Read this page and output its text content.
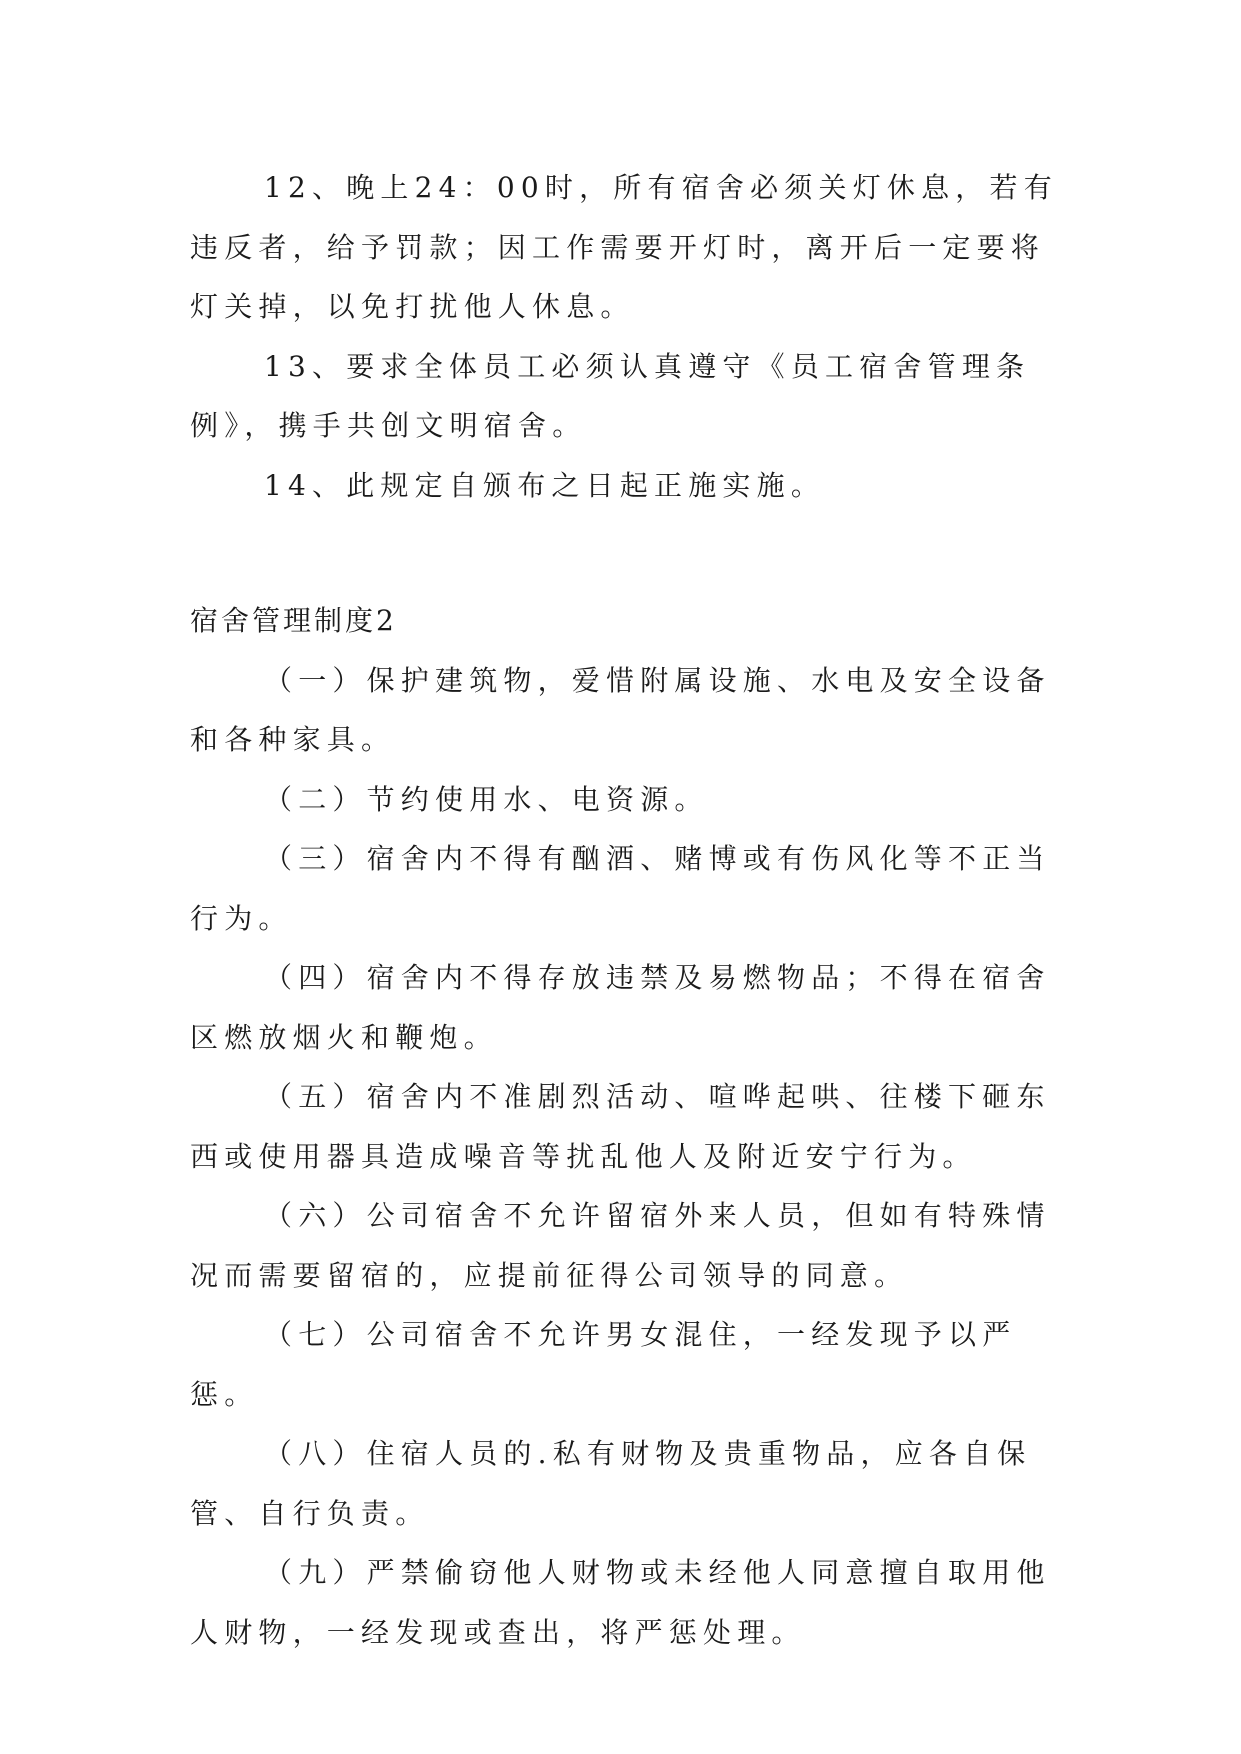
12、晚上24：00时，所有宿舍必须关灯休息，若有违反者，给予罚款；因工作需要开灯时，离开后一定要将灯关掉，以免打扰他人休息。

13、要求全体员工必须认真遵守《员工宿舍管理条例》，携手共创文明宿舍。

14、此规定自颁布之日起正施实施。

宿舍管理制度2

（一）保护建筑物，爱惜附属设施、水电及安全设备和各种家具。

（二）节约使用水、电资源。

（三）宿舍内不得有酗酒、赌博或有伤风化等不正当行为。

（四）宿舍内不得存放违禁及易燃物品；不得在宿舍区燃放烟火和鞭炮。

（五）宿舍内不准剧烈活动、喧哗起哄、往楼下砸东西或使用器具造成噪音等扰乱他人及附近安宁行为。

（六）公司宿舍不允许留宿外来人员，但如有特殊情况而需要留宿的，应提前征得公司领导的同意。

（七）公司宿舍不允许男女混住，一经发现予以严惩。

（八）住宿人员的.私有财物及贵重物品，应各自保管、自行负责。

（九）严禁偷窃他人财物或未经他人同意擅自取用他人财物，一经发现或查出，将严惩处理。
